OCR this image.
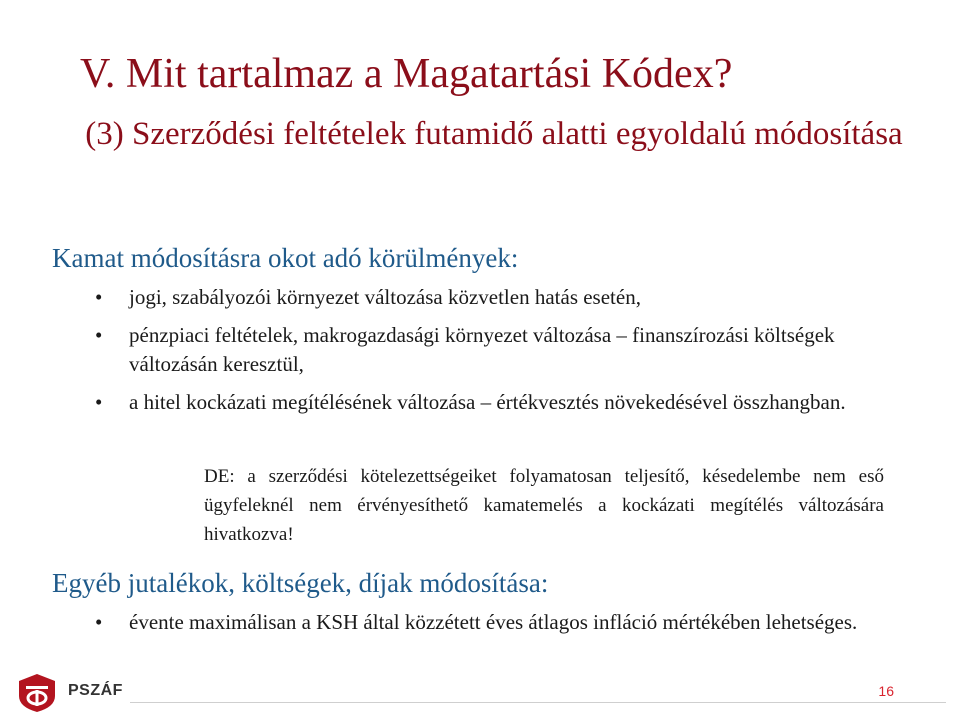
V. Mit tartalmaz a Magatartási Kódex?
(3) Szerződési feltételek futamidő alatti egyoldalú módosítása
Kamat módosításra okot adó körülmények:
• jogi, szabályozói környezet változása közvetlen hatás esetén,
• pénzpiaci feltételek, makrogazdasági környezet változása – finanszírozási költségek változásán keresztül,
• a hitel kockázati megítélésének változása – értékvesztés növekedésével összhangban.
DE: a szerződési kötelezettségeiket folyamatosan teljesítő, késedelembe nem eső ügyfeleknél nem érvényesíthető kamatemelés a kockázati megítélés változására hivatkozva!
Egyéb jutalékok, költségek, díjak módosítása:
• évente maximálisan a KSH által közzétett éves átlagos infláció mértékében lehetséges.
PSZÁF	16
